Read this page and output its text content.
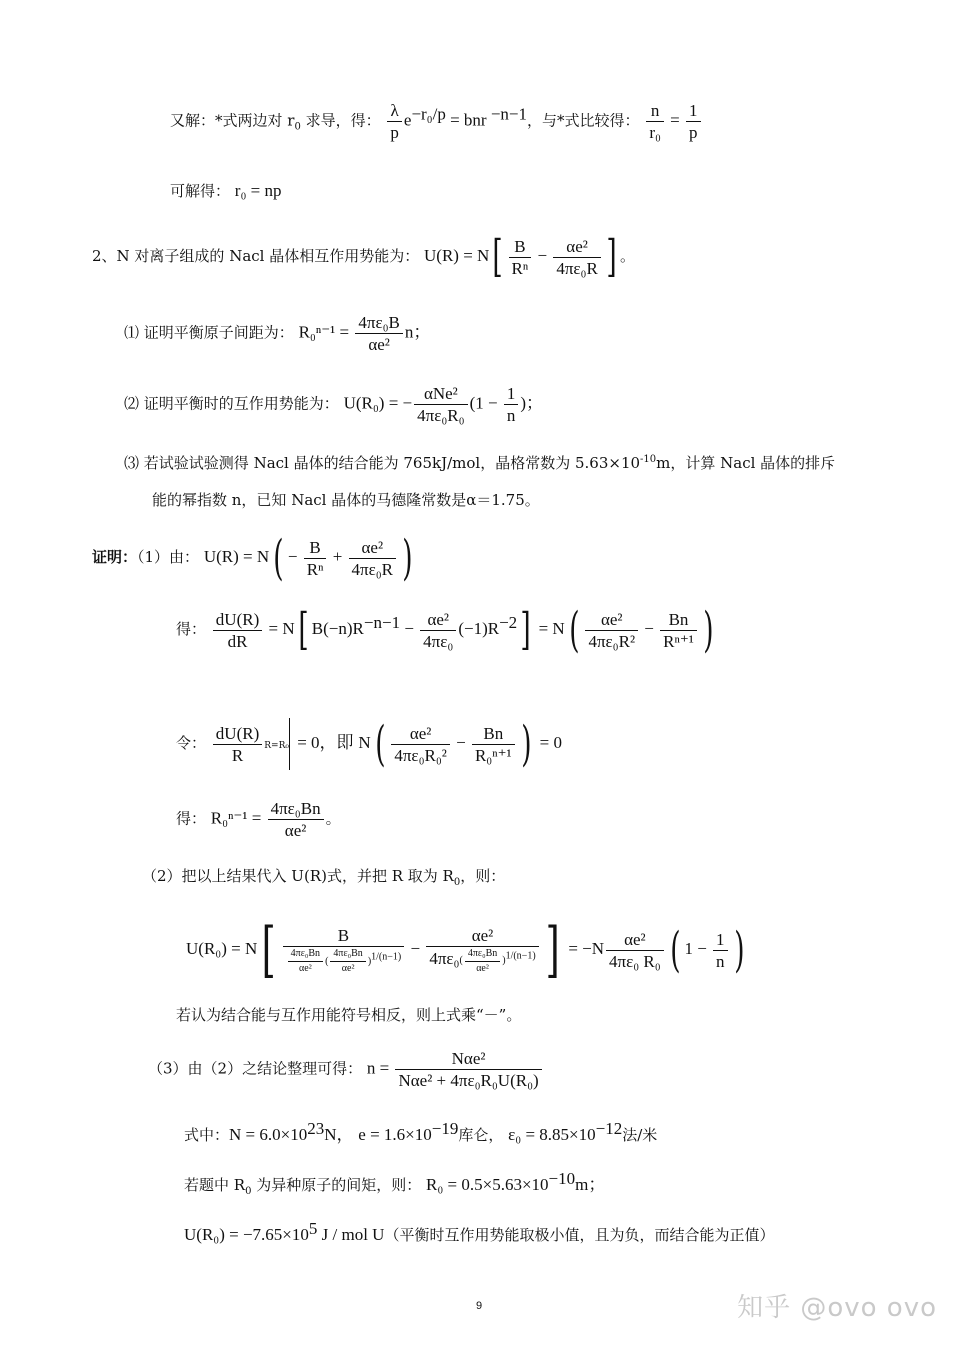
又解：*式两边对 $r_0$ 求导，得： $\frac{\lambda}{p} e^{-r_0/p}$ = bnr $^{-n-1}$，与*式比较得： $\frac{n}{\text{r₀}} = \frac{1}{p}$
可解得： r₀ = np
2、N 对离子组成的 Nacl 晶体相互作用势能为： $U(R) = N[ \frac{B}{\text{Rⁿ}} - \frac{\text{αe²}}{\text{4πε₀R}}$ ] 。
⑴ 证明平衡原子间距为： $R_0^{n-1} = \frac{\text{4πε₀B}}{\text{αe²}}$ n；
⑵ 证明平衡时的互作用势能为： U(R₀) = − $\frac{\text{αNe²}}{\text{4πε₀R₀}} (1 - \frac{1}{n}$ )；
⑶ 若试验试验测得 Nacl 晶体的结合能为 765kJ/mol，晶格常数为 $5.63\times 10^{-10}m$，计算 Nacl 晶体的排斥
能的幂指数 n，已知 Nacl 晶体的马德隆常数是α＝1.75。
证明：（1）由： $U(R) = N( - \frac{B}{\text{Rⁿ}} + \frac{\text{αe²}}{\text{4πε₀R}}$ )
得： $\frac{dU(R)}{dR} = N$[ $B(-n)R^{-n-1} - \frac{\text{αe²}}{\text{4πε₀}} (-1)R^{-2}] = N( \frac{\text{αe²}}{\text{4πε₀R²}} - \frac{Bn}{\text{Rⁿ⁺¹}}$ )
令： $\frac{dU(R)}{R} _{R=R_0} = 0$，即 $N( \frac{\text{αe²}}{\text{4πε₀R₀²}} - \frac{Bn}{\text{R₀ⁿ⁺¹}}$ ) = 0
得： $R_0^{n-1} = \frac{\text{4πε₀Bn}}{\text{αe²}}$ 。
（2）把以上结果代入 U(R)式，并把 R 取为 $R_0$，则：
$U(R_0) = N[ \frac{B}{\frac{\text{4πε₀Bn}}{\text{αe²}} ( \frac{\text{4πε₀Bn}}{\text{αe²}} )^{1/(n-1)}} - \frac{\text{αe²}}{4\pi\varepsilon_0( \frac{\text{4πε₀Bn}}{\text{αe²}} )^{1/(n-1)}}$ ] = $-N \frac{\text{αe²}}{\text{4πε₀ R₀}}$ ( $1 - \frac{1}{n}$ )
若认为结合能与互作用能符号相反，则上式乘“－”。
（3）由（2）之结论整理可得： $n = \frac{\text{Nαe²}}{\text{Nαe² + 4πε₀R₀U(R₀)}}$
式中：$N = 6.0\times 10^{23}N$， $e = 1.6\times 10^{-19}$库仑， $\varepsilon_0 = 8.85\times 10^{-12}$法/米
若题中 $R_0$ 为异种原子的间矩，则： $R_0 = 0.5\times 5.63\times 10^{-10}m$；
$U(R_0) = -7.65\times 10^5$ J / mol U（平衡时互作用势能取极小值，且为负，而结合能为正值）
9	知乎 @ovo ovo
